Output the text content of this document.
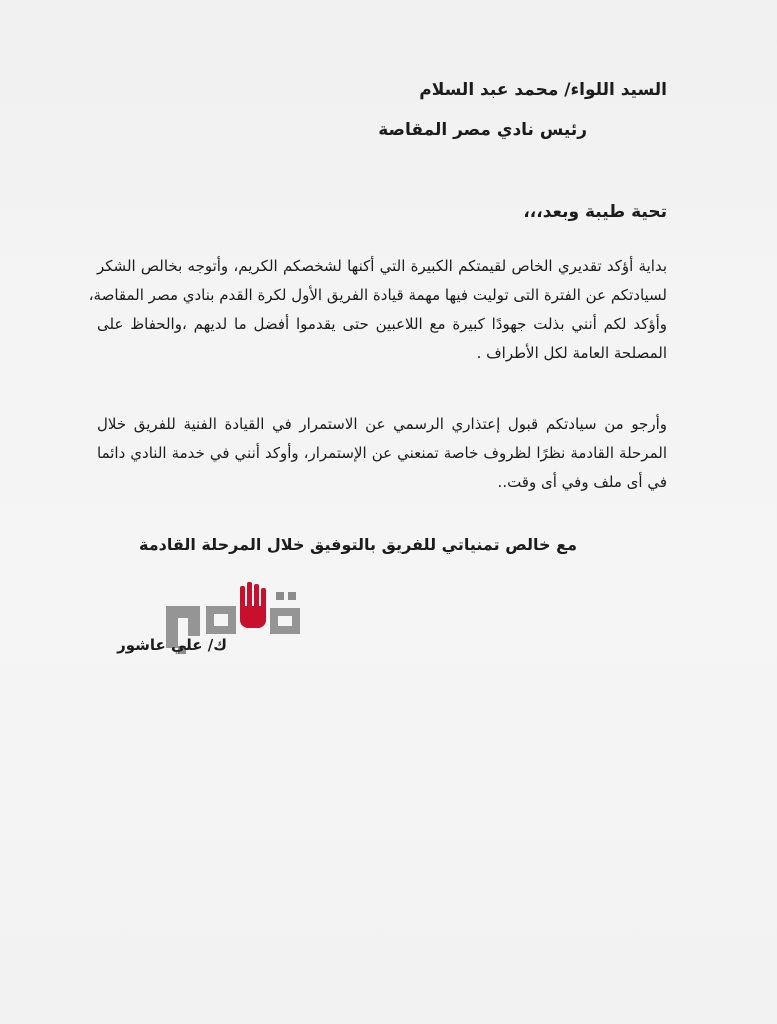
السيد اللواء/ محمد عبد السلام
رئيس نادي مصر المقاصة
تحية طيبة وبعد،،،
بداية أؤكد تقديري الخاص لقيمتكم الكبيرة التي أكنها لشخصكم الكريم، وأتوجه بخالص الشكر
لسيادتكم عن الفترة التى توليت فيها مهمة قيادة الفريق الأول لكرة القدم بنادي مصر المقاصة،
وأؤكد لكم أنني بذلت جهودًا كبيرة مع اللاعبين حتى يقدموا أفضل ما لديهم ،والحفاظ على
المصلحة العامة لكل الأطراف .
وأرجو من سيادتكم قبول إعتذاري الرسمي عن الاستمرار في القيادة الفنية للفريق خلال
المرحلة القادمة نظرًا لظروف خاصة تمنعني عن الإستمرار، وأوكد أنني في خدمة النادي دائما
في أى ملف وفي أى وقت..
مع خالص تمنياتي للفريق بالتوفيق خلال المرحلة القادمة
ك/ علي عاشور
